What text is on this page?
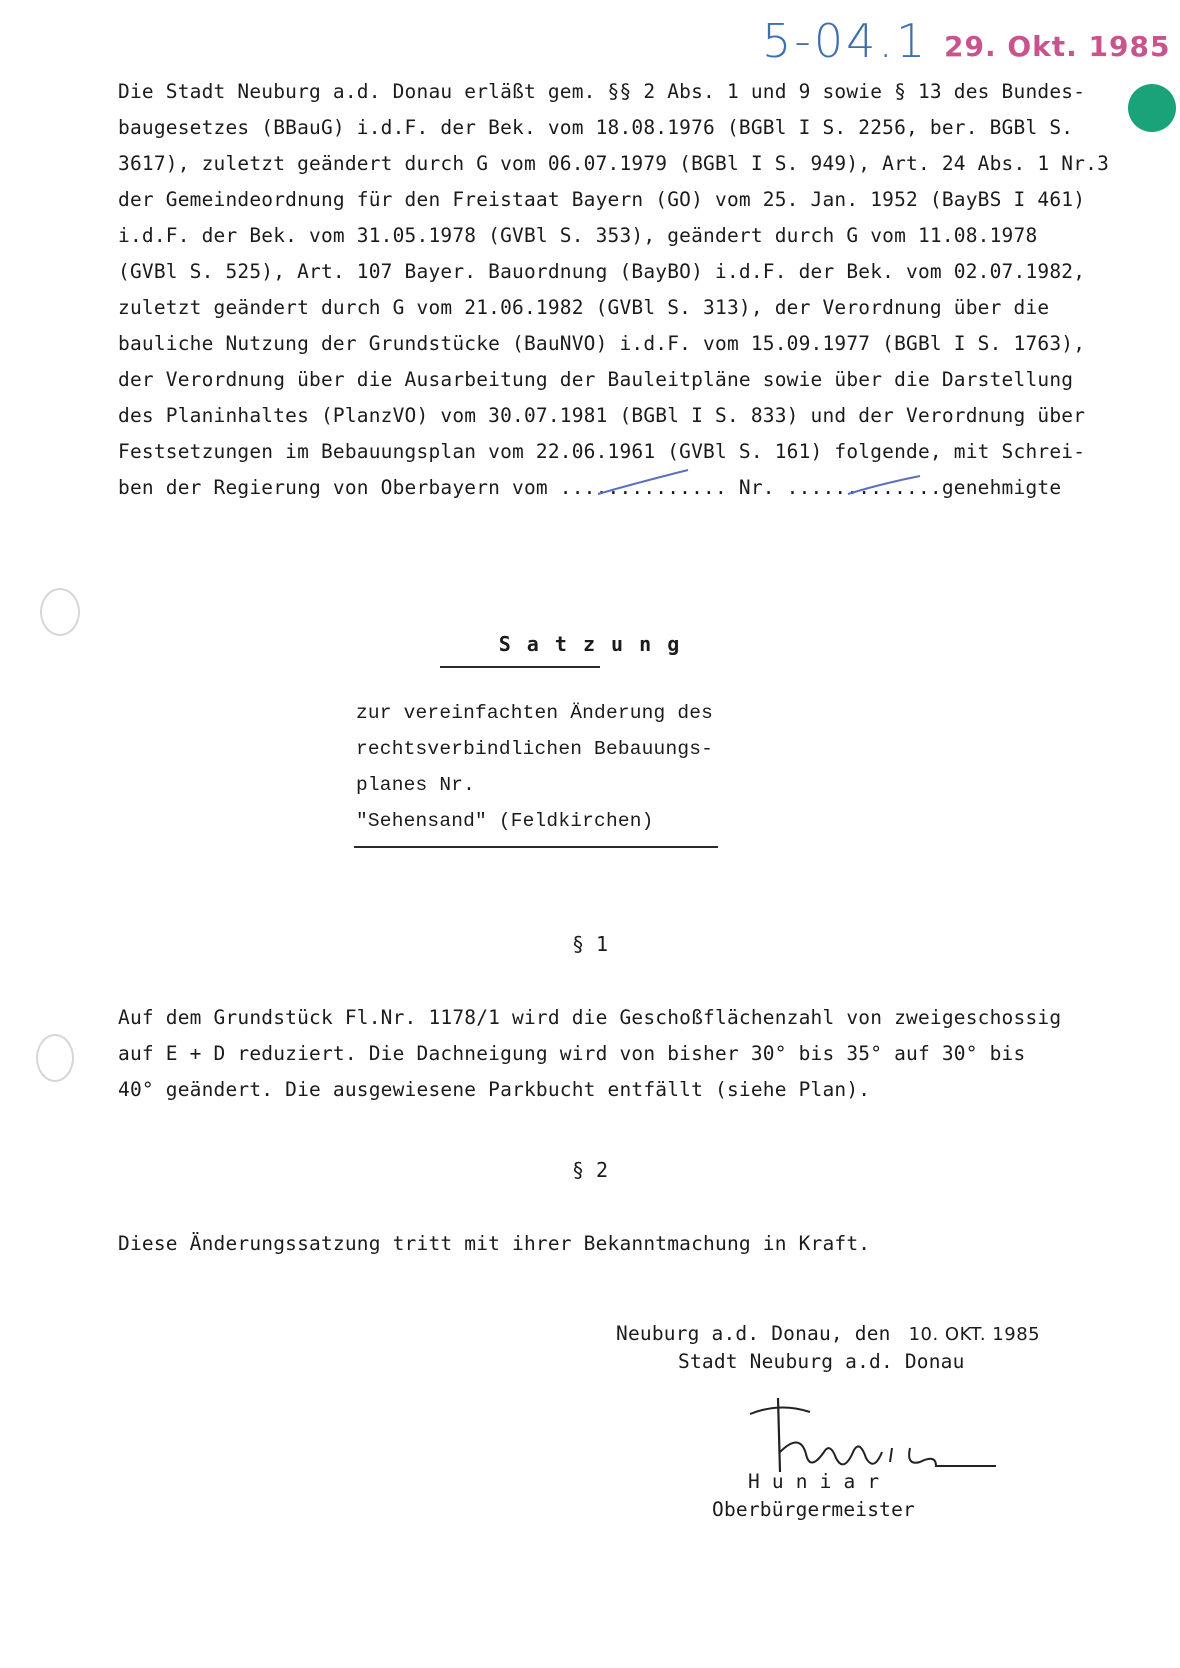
5-04.1 29. Okt. 1985
Die Stadt Neuburg a.d. Donau erläßt gem. §§ 2 Abs. 1 und 9 sowie § 13 des Bundes-
baugesetzes (BBauG) i.d.F. der Bek. vom 18.08.1976 (BGBl I S. 2256, ber. BGBl S.
3617), zuletzt geändert durch G vom 06.07.1979 (BGBl I S. 949), Art. 24 Abs. 1 Nr.3
der Gemeindeordnung für den Freistaat Bayern (GO) vom 25. Jan. 1952 (BayBS I 461)
i.d.F. der Bek. vom 31.05.1978 (GVBl S. 353), geändert durch G vom 11.08.1978
(GVBl S. 525), Art. 107 Bayer. Bauordnung (BayBO) i.d.F. der Bek. vom 02.07.1982,
zuletzt geändert durch G vom 21.06.1982 (GVBl S. 313), der Verordnung über die
bauliche Nutzung der Grundstücke (BauNVO) i.d.F. vom 15.09.1977 (BGBl I S. 1763),
der Verordnung über die Ausarbeitung der Bauleitpläne sowie über die Darstellung
des Planinhaltes (PlanzVO) vom 30.07.1981 (BGBl I S. 833) und der Verordnung über
Festsetzungen im Bebauungsplan vom 22.06.1961 (GVBl S. 161) folgende, mit Schrei-
ben der Regierung von Oberbayern vom .............. Nr. .............genehmigte
S a t z u n g
zur vereinfachten Änderung des
rechtsverbindlichen Bebauungs-
planes Nr.
"Sehensand" (Feldkirchen)
§ 1
Auf dem Grundstück Fl.Nr. 1178/1 wird die Geschoßflächenzahl von zweigeschossig
auf E + D reduziert. Die Dachneigung wird von bisher 30° bis 35° auf 30° bis
40° geändert. Die ausgewiesene Parkbucht entfällt (siehe Plan).
§ 2
Diese Änderungssatzung tritt mit ihrer Bekanntmachung in Kraft.
Neuburg a.d. Donau, den 10. OKT. 1985
Stadt Neuburg a.d. Donau
H u n i a r
Oberbürgermeister
